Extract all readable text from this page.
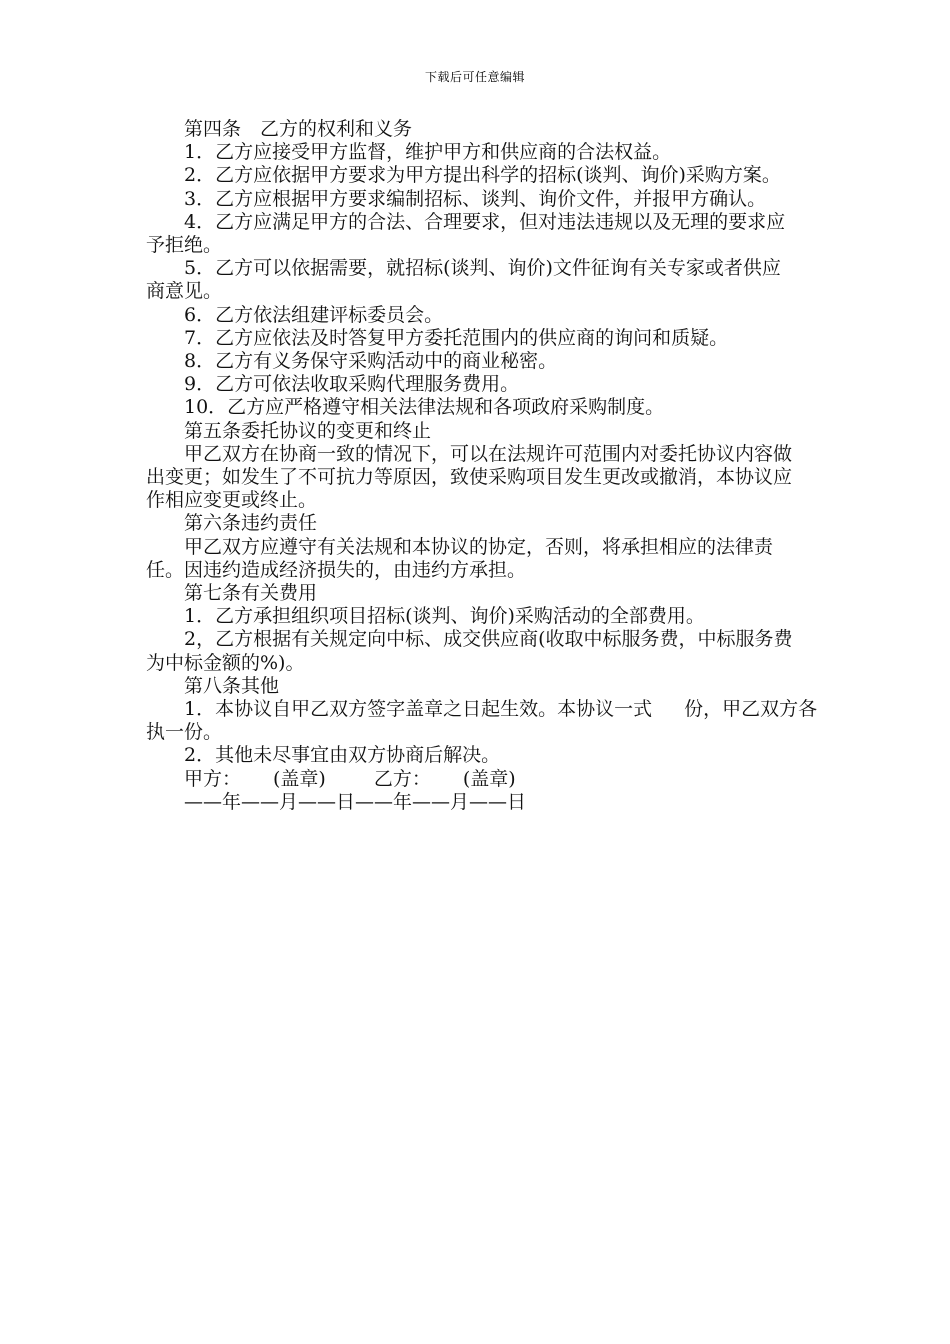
下载后可任意编辑

第四条　乙方的权利和义务

1．乙方应接受甲方监督，维护甲方和供应商的合法权益。

2．乙方应依据甲方要求为甲方提出科学的招标(谈判、询价)采购方案。

3．乙方应根据甲方要求编制招标、谈判、询价文件，并报甲方确认。

4．乙方应满足甲方的合法、合理要求，但对违法违规以及无理的要求应予拒绝。

5．乙方可以依据需要，就招标(谈判、询价)文件征询有关专家或者供应商意见。

6．乙方依法组建评标委员会。

7．乙方应依法及时答复甲方委托范围内的供应商的询问和质疑。

8．乙方有义务保守采购活动中的商业秘密。

9．乙方可依法收取采购代理服务费用。

10．乙方应严格遵守相关法律法规和各项政府采购制度。

第五条委托协议的变更和终止

甲乙双方在协商一致的情况下，可以在法规许可范围内对委托协议内容做出变更；如发生了不可抗力等原因，致使采购项目发生更改或撤消，本协议应作相应变更或终止。

第六条违约责任

甲乙双方应遵守有关法规和本协议的协定，否则，将承担相应的法律责任。因违约造成经济损失的，由违约方承担。

第七条有关费用

1．乙方承担组织项目招标(谈判、询价)采购活动的全部费用。

2，乙方根据有关规定向中标、成交供应商(收取中标服务费，中标服务费为中标金额的%)。

第八条其他

1．本协议自甲乙双方签字盖章之日起生效。本协议一式 份，甲乙双方各执一份。

2．其他未尽事宜由双方协商后解决。

甲方： (盖章)	乙方： (盖章)

——年——月——日——年——月——日
